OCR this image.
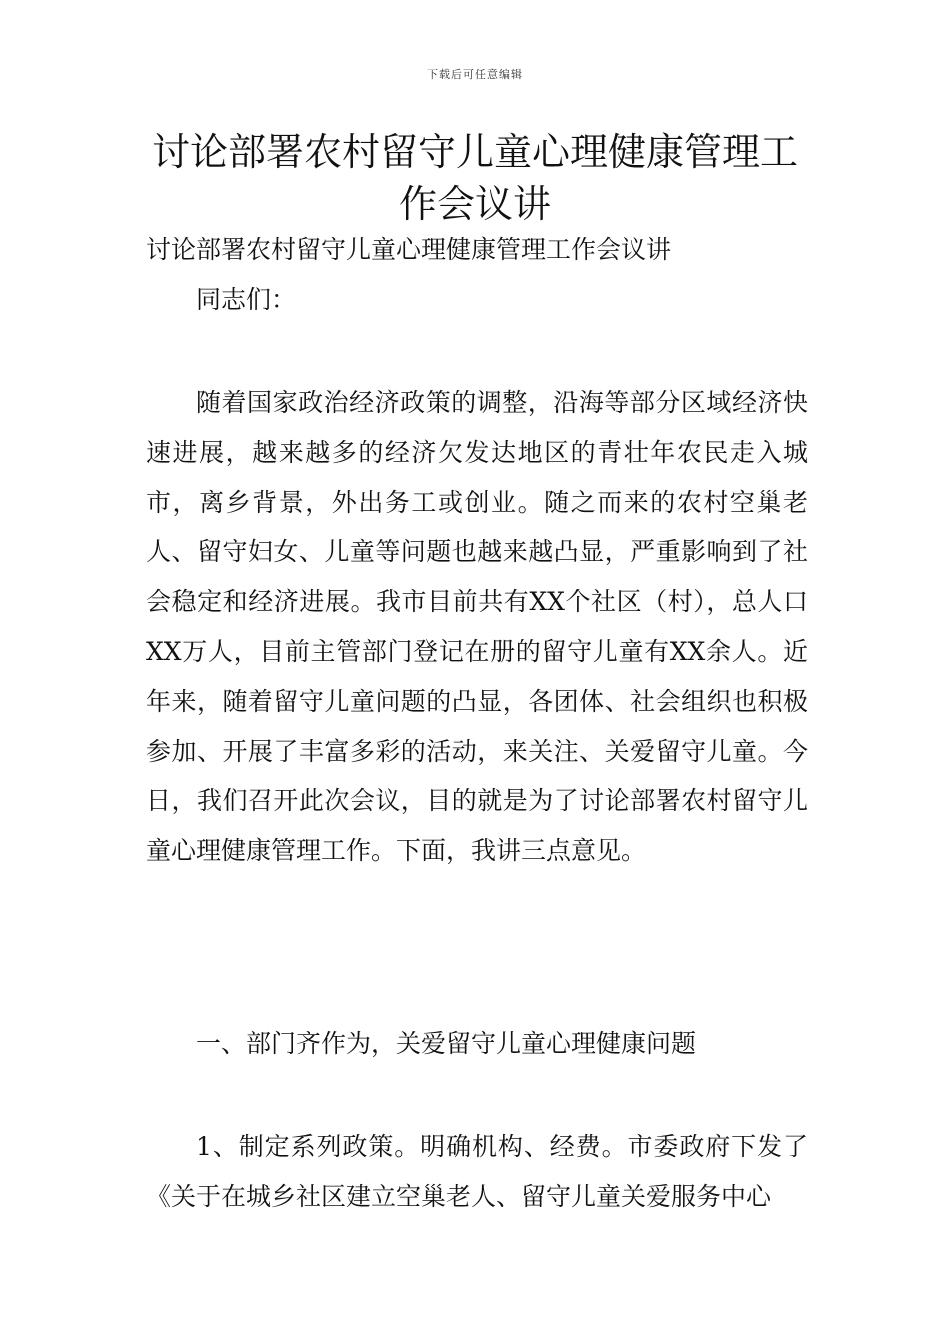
下载后可任意编辑
讨论部署农村留守儿童心理健康管理工作会议讲
讨论部署农村留守儿童心理健康管理工作会议讲
同志们：

随着国家政治经济政策的调整，沿海等部分区域经济快速进展，越来越多的经济欠发达地区的青壮年农民走入城市，离乡背景，外出务工或创业。随之而来的农村空巢老人、留守妇女、儿童等问题也越来越凸显，严重影响到了社会稳定和经济进展。我市目前共有XX个社区（村），总人口XX万人，目前主管部门登记在册的留守儿童有XX余人。近年来，随着留守儿童问题的凸显，各团体、社会组织也积极参加、开展了丰富多彩的活动，来关注、关爱留守儿童。今日，我们召开此次会议，目的就是为了讨论部署农村留守儿童心理健康管理工作。下面，我讲三点意见。

一、部门齐作为，关爱留守儿童心理健康问题

1、制定系列政策。明确机构、经费。市委政府下发了《关于在城乡社区建立空巢老人、留守儿童关爱服务中心
